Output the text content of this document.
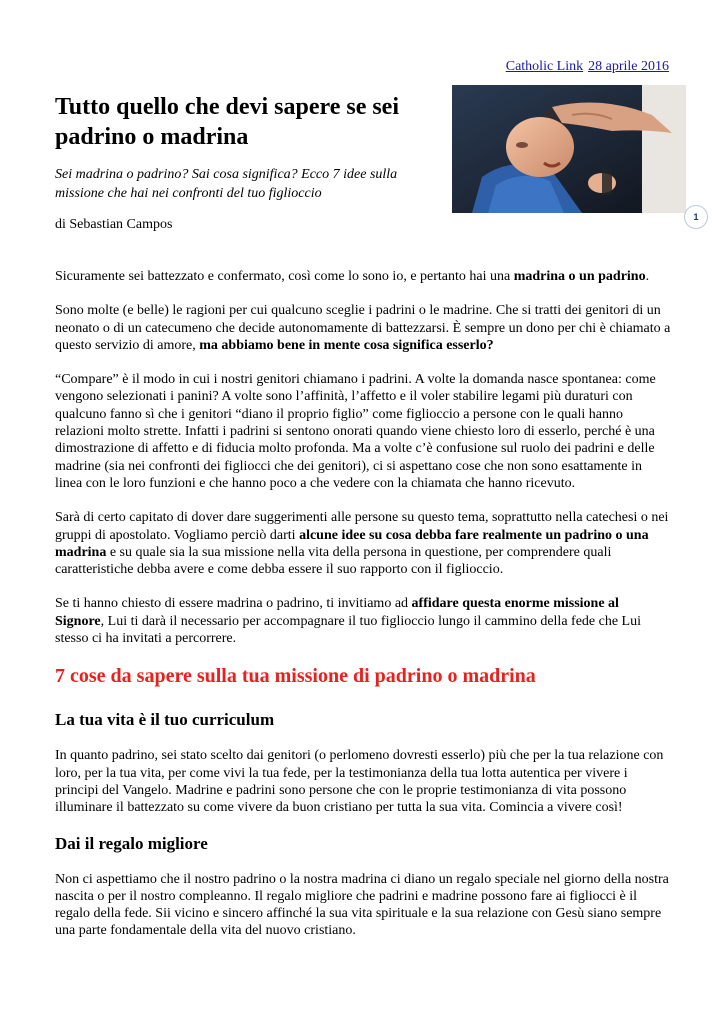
Catholic Link 28 aprile 2016
Tutto quello che devi sapere se sei padrino o madrina

Sei madrina o padrino? Sai cosa significa? Ecco 7 idee sulla missione che hai nei confronti del tuo figlioccio

di Sebastian Campos	1

Sicuramente sei battezzato e confermato, così come lo sono io, e pertanto hai una madrina o un padrino.

Sono molte (e belle) le ragioni per cui qualcuno sceglie i padrini o le madrine. Che si tratti dei genitori di un neonato o di un catecumeno che decide autonomamente di battezzarsi. È sempre un dono per chi è chiamato a questo servizio di amore, ma abbiamo bene in mente cosa significa esserlo?

“Compare” è il modo in cui i nostri genitori chiamano i padrini. A volte la domanda nasce spontanea: come vengono selezionati i panini? A volte sono l’affinità, l’affetto e il voler stabilire legami più duraturi con qualcuno fanno sì che i genitori “diano il proprio figlio” come figlioccio a persone con le quali hanno relazioni molto strette. Infatti i padrini si sentono onorati quando viene chiesto loro di esserlo, perché è una dimostrazione di affetto e di fiducia molto profonda. Ma a volte c’è confusione sul ruolo dei padrini e delle madrine (sia nei confronti dei figliocci che dei genitori), ci si aspettano cose che non sono esattamente in linea con le loro funzioni e che hanno poco a che vedere con la chiamata che hanno ricevuto.

Sarà di certo capitato di dover dare suggerimenti alle persone su questo tema, soprattutto nella catechesi o nei gruppi di apostolato. Vogliamo perciò darti alcune idee su cosa debba fare realmente un padrino o una madrina e su quale sia la sua missione nella vita della persona in questione, per comprendere quali caratteristiche debba avere e come debba essere il suo rapporto con il figlioccio.

Se ti hanno chiesto di essere madrina o padrino, ti invitiamo ad affidare questa enorme missione al Signore, Lui ti darà il necessario per accompagnare il tuo figlioccio lungo il cammino della fede che Lui stesso ci ha invitati a percorrere.

7 cose da sapere sulla tua missione di padrino o madrina
La tua vita è il tuo curriculum

In quanto padrino, sei stato scelto dai genitori (o perlomeno dovresti esserlo) più che per la tua relazione con loro, per la tua vita, per come vivi la tua fede, per la testimonianza della tua lotta autentica per vivere i principi del Vangelo. Madrine e padrini sono persone che con le proprie testimonianza di vita possono illuminare il battezzato su come vivere da buon cristiano per tutta la sua vita. Comincia a vivere così!

Dai il regalo migliore

Non ci aspettiamo che il nostro padrino o la nostra madrina ci diano un regalo speciale nel giorno della nostra nascita o per il nostro compleanno. Il regalo migliore che padrini e madrine possono fare ai figliocci è il regalo della fede. Sii vicino e sincero affinché la sua vita spirituale e la sua relazione con Gesù siano sempre una parte fondamentale della vita del nuovo cristiano.
